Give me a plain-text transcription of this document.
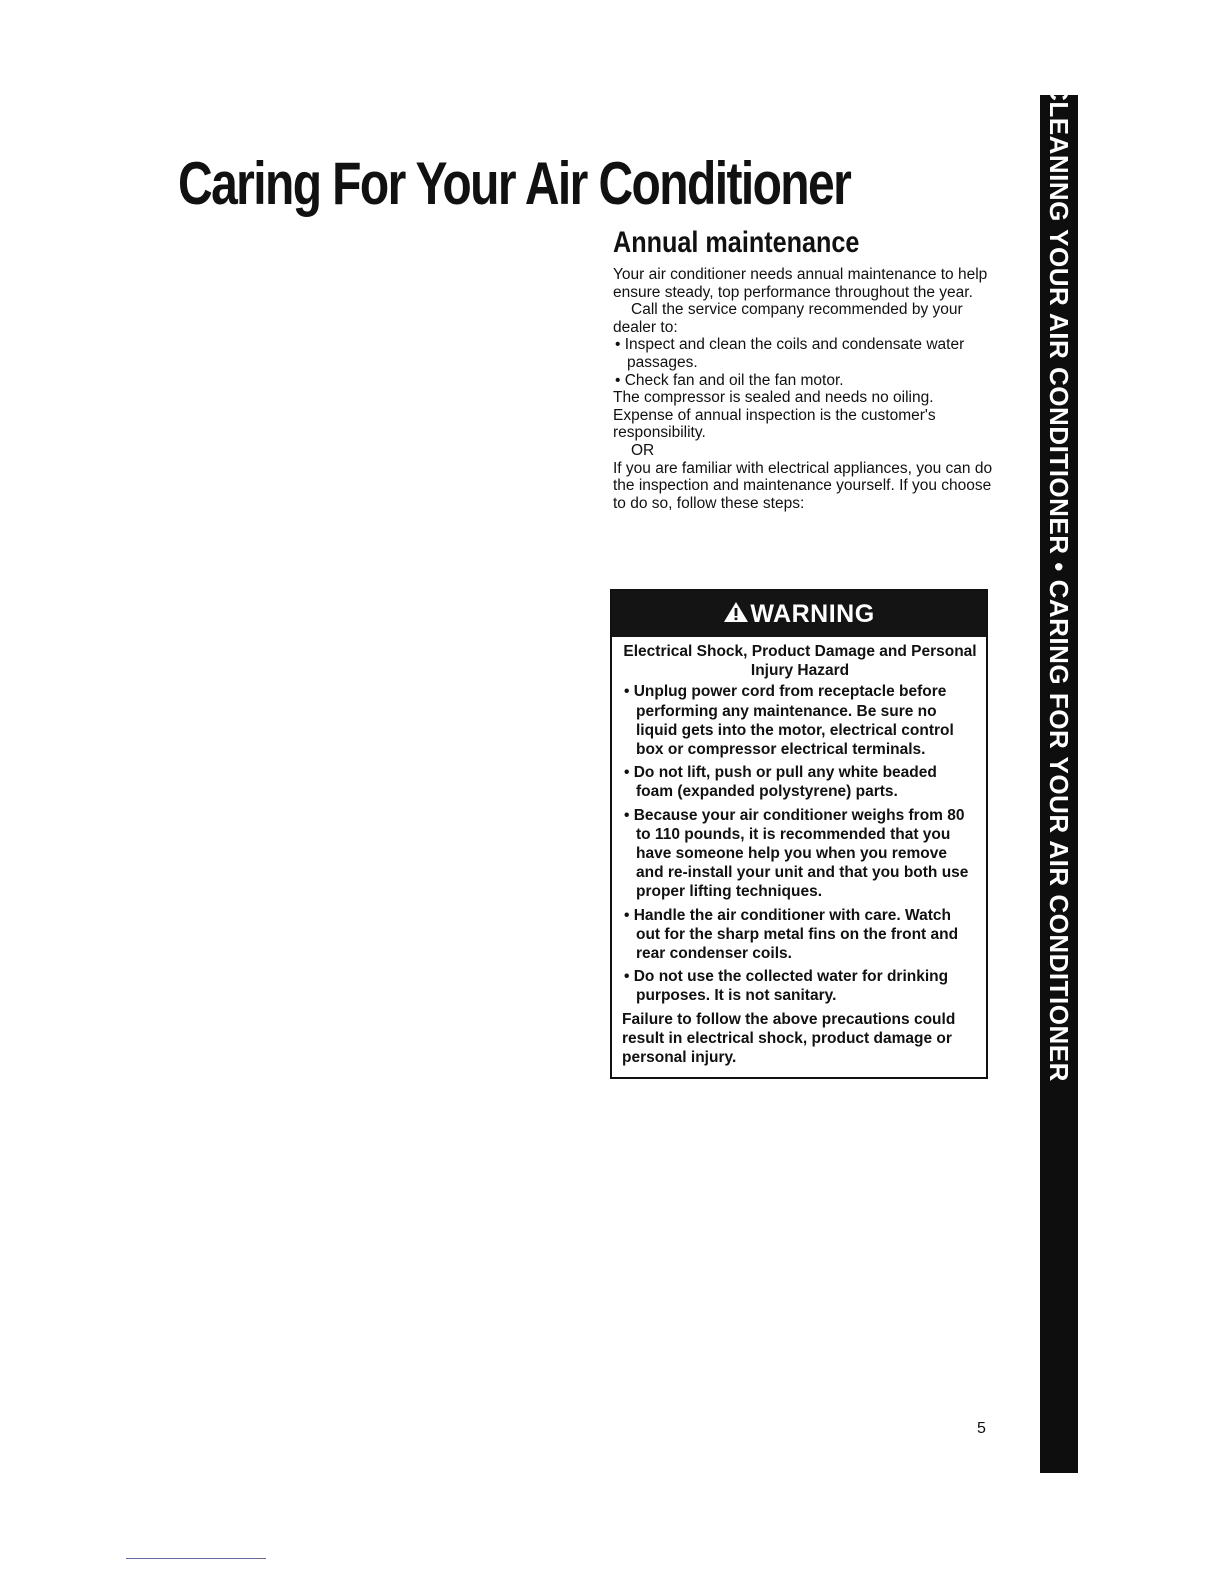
Caring For Your Air Conditioner
Annual maintenance

Your air conditioner needs annual maintenance to help ensure steady, top performance throughout the year.

Call the service company recommended by your dealer to:

• Inspect and clean the coils and condensate water passages.
• Check fan and oil the fan motor.

The compressor is sealed and needs no oiling. Expense of annual inspection is the customer's responsibility.

OR

If you are familiar with electrical appliances, you can do the inspection and maintenance yourself. If you choose to do so, follow these steps:

WARNING

Electrical Shock, Product Damage and Personal Injury Hazard

• Unplug power cord from receptacle before performing any maintenance. Be sure no liquid gets into the motor, electrical control box or compressor electrical terminals.
• Do not lift, push or pull any white beaded foam (expanded polystyrene) parts.
• Because your air conditioner weighs from 80 to 110 pounds, it is recommended that you have someone help you when you remove and re-install your unit and that you both use proper lifting techniques.
• Handle the air conditioner with care. Watch out for the sharp metal fins on the front and rear condenser coils.
• Do not use the collected water for drinking purposes. It is not sanitary.

Failure to follow the above precautions could result in electrical shock, product damage or personal injury.	CLEANING YOUR AIR CONDITIONER • CARING FOR YOUR AIR CONDITIONER
5
